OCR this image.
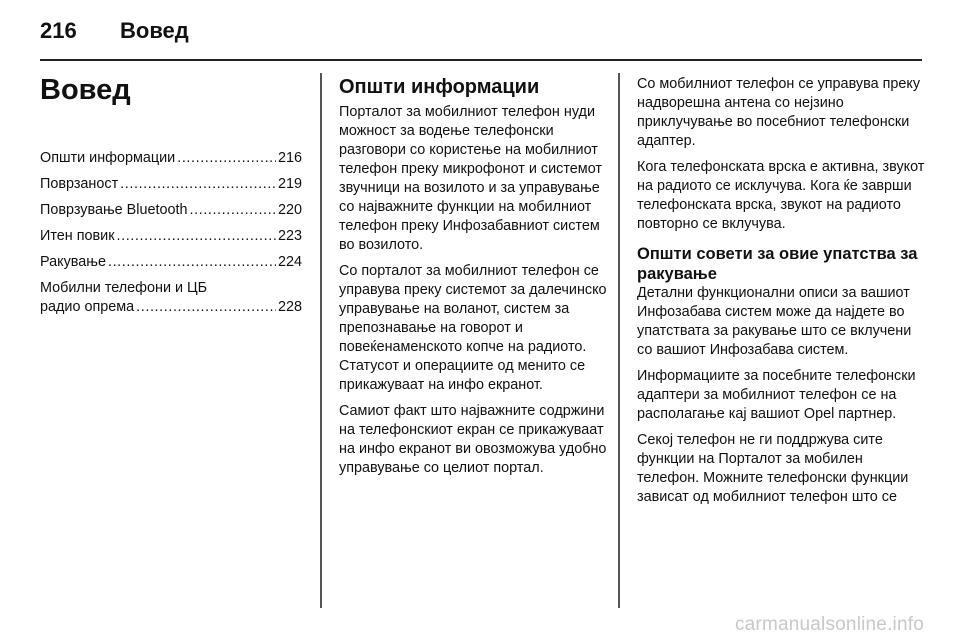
216 Вовед
Вовед
Општи информации .....	216
Поврзаност .....	219
Поврзување Bluetooth .....	220
Итен повик .....	223
Ракување .....	224
Мобилни телефони и ЦБ
радио опрема .....	228
Општи информации

Порталот за мобилниот телефон нуди можност за водење телефонски разговори со користење на мобилниот телефон преку микрофонот и системот звучници на возилото и за управување со најважните функции на мобилниот телефон преку Инфозабавниот систем во возилото.

Со порталот за мобилниот телефон се управува преку системот за далечинско управување на воланот, систем за препознавање на говорот и повеќенаменското копче на радиото. Статусот и операциите од менито се прикажуваат на инфо екранот.

Самиот факт што најважните содржини на телефонскиот екран се прикажуваат на инфо екранот ви овозможува удобно управување со целиот портал.

Со мобилниот телефон се управува преку надворешна антена со нејзино приклучување во посебниот телефонски адаптер.

Кога телефонската врска е активна, звукот на радиото се исклучува. Кога ќе заврши телефонската врска, звукот на радиото повторно се вклучува.

Општи совети за овие упатства за ракување

Детални функционални описи за вашиот Инфозабава систем може да најдете во упатствата за ракување што се вклучени со вашиот Инфозабава систем.

Информациите за посебните телефонски адаптери за мобилниот телефон се на располагање кај вашиот Opel партнер.

Секој телефон не ги поддржува сите функции на Порталот за мобилен телефон. Можните телефонски функции зависат од мобилниот телефон што се

carmanualsonline.info
